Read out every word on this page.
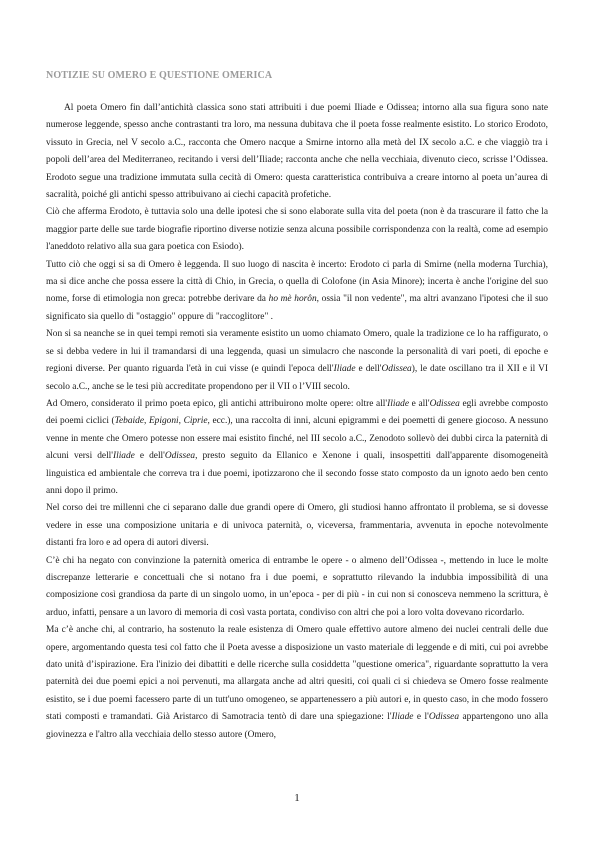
NOTIZIE SU OMERO E QUESTIONE OMERICA

Al poeta Omero fin dall’antichità classica sono stati attribuiti i due poemi Iliade e Odissea; intorno alla sua figura sono nate numerose leggende, spesso anche contrastanti tra loro, ma nessuna dubitava che il poeta fosse realmente esistito. Lo storico Erodoto, vissuto in Grecia, nel V secolo a.C., racconta che Omero nacque a Smirne intorno alla metà del IX secolo a.C. e che viaggiò tra i popoli dell’area del Mediterraneo, recitando i versi dell’Iliade; racconta anche che nella vecchiaia, divenuto cieco, scrisse l’Odissea. Erodoto segue una tradizione immutata sulla cecità di Omero: questa caratteristica contribuiva a creare intorno al poeta un’aurea di sacralità, poiché gli antichi spesso attribuivano ai ciechi capacità profetiche.

Ciò che afferma Erodoto, è tuttavia solo una delle ipotesi che si sono elaborate sulla vita del poeta (non è da trascurare il fatto che la maggior parte delle sue tarde biografie riportino diverse notizie senza alcuna possibile corrispondenza con la realtà, come ad esempio l'aneddoto relativo alla sua gara poetica con Esiodo).

Tutto ciò che oggi si sa di Omero è leggenda. Il suo luogo di nascita è incerto: Erodoto ci parla di Smirne (nella moderna Turchia), ma si dice anche che possa essere la città di Chio, in Grecia, o quella di Colofone (in Asia Minore); incerta è anche l'origine del suo nome, forse di etimologia non greca: potrebbe derivare da ho mè horôn, ossia "il non vedente", ma altri avanzano l'ipotesi che il suo significato sia quello di "ostaggio" oppure di "raccoglitore" .

Non si sa neanche se in quei tempi remoti sia veramente esistito un uomo chiamato Omero, quale la tradizione ce lo ha raffigurato, o se si debba vedere in lui il tramandarsi di una leggenda, quasi un simulacro che nasconde la personalità di vari poeti, di epoche e regioni diverse. Per quanto riguarda l'età in cui visse (e quindi l'epoca dell'Iliade e dell'Odissea), le date oscillano tra il XII e il VI secolo a.C., anche se le tesi più accreditate propendono per il VII o l’VIII secolo.

Ad Omero, considerato il primo poeta epico, gli antichi attribuirono molte opere: oltre all'Iliade e all'Odissea egli avrebbe composto dei poemi ciclici (Tebaide, Epigoni, Ciprie, ecc.), una raccolta di inni, alcuni epigrammi e dei poemetti di genere giocoso. A nessuno venne in mente che Omero potesse non essere mai esistito finché, nel III secolo a.C., Zenodoto sollevò dei dubbi circa la paternità di alcuni versi dell'Iliade e dell'Odissea, presto seguito da Ellanico e Xenone i quali, insospettiti dall'apparente disomogeneità linguistica ed ambientale che correva tra i due poemi, ipotizzarono che il secondo fosse stato composto da un ignoto aedo ben cento anni dopo il primo.

Nel corso dei tre millenni che ci separano dalle due grandi opere di Omero, gli studiosi hanno affrontato il problema, se si dovesse vedere in esse una composizione unitaria e di univoca paternità, o, viceversa, frammentaria, avvenuta in epoche notevolmente distanti fra loro e ad opera di autori diversi.

C’è chi ha negato con convinzione la paternità omerica di entrambe le opere - o almeno dell’Odissea -, mettendo in luce le molte discrepanze letterarie e concettuali che si notano fra i due poemi, e soprattutto rilevando la indubbia impossibilità di una composizione così grandiosa da parte di un singolo uomo, in un’epoca - per di più - in cui non si conosceva nemmeno la scrittura, è arduo, infatti, pensare a un lavoro di memoria di così vasta portata, condiviso con altri che poi a loro volta dovevano ricordarlo.

Ma c’è anche chi, al contrario, ha sostenuto la reale esistenza di Omero quale effettivo autore almeno dei nuclei centrali delle due opere, argomentando questa tesi col fatto che il Poeta avesse a disposizione un vasto materiale di leggende e di miti, cui poi avrebbe dato unità d’ispirazione. Era l'inizio dei dibattiti e delle ricerche sulla cosiddetta "questione omerica", riguardante soprattutto la vera paternità dei due poemi epici a noi pervenuti, ma allargata anche ad altri quesiti, coi quali ci si chiedeva se Omero fosse realmente esistito, se i due poemi facessero parte di un tutt'uno omogeneo, se appartenessero a più autori e, in questo caso, in che modo fossero stati composti e tramandati. Già Aristarco di Samotracia tentò di dare una spiegazione: l'Iliade e l'Odissea appartengono uno alla giovinezza e l'altro alla vecchiaia dello stesso autore (Omero,

1
